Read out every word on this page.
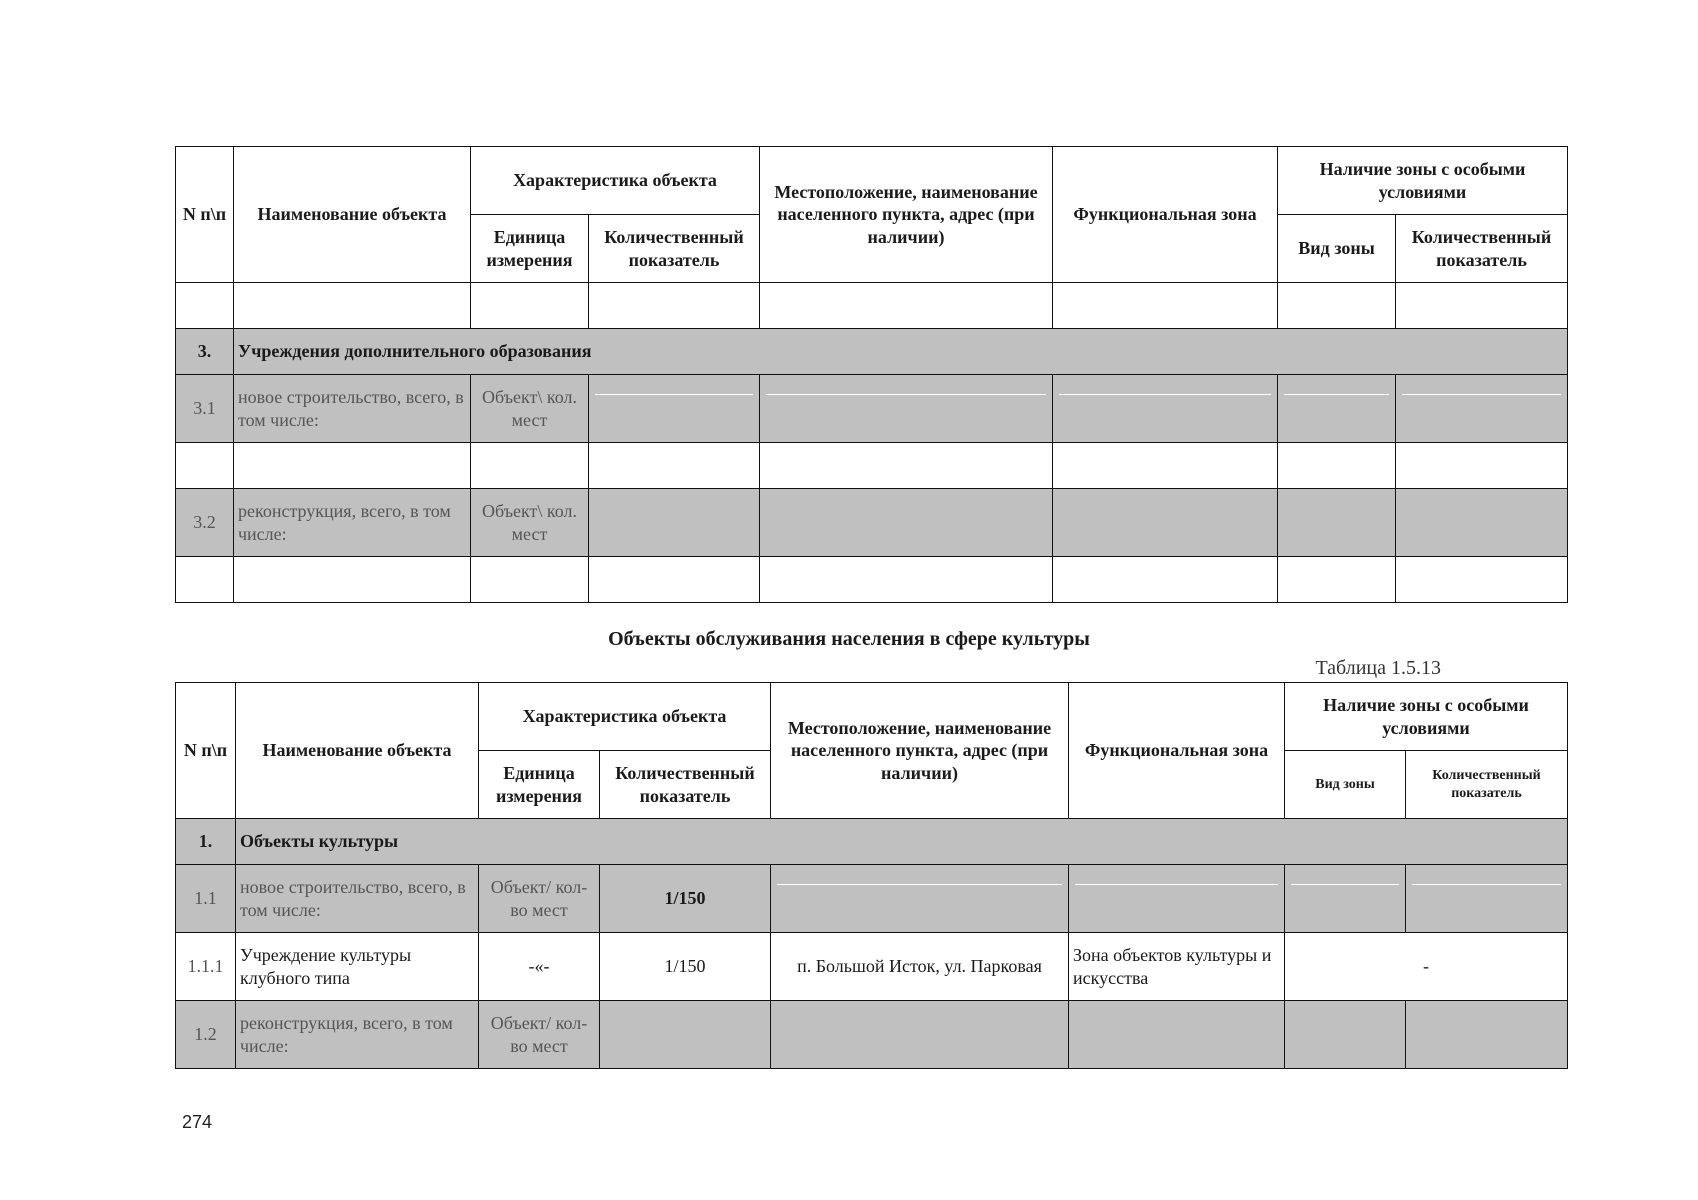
N п\п	Наименование объекта	Характеристика объекта		Местоположение, наименование населенного пункта, адрес (при наличии)	Функциональная зона	Наличие зоны с особыми условиями	
		Единица измерения	Количественный показатель			Вид зоны	Количественный показатель

3.	Учреждения дополнительного образования						
3.1	новое строительство, всего, в том числе:	Объект\ кол. мест	

3.2	реконструкция, всего, в том числе:	Объект\ кол. мест					

Объекты обслуживания населения в сфере культуры
Таблица 1.5.13
N п\п	Наименование объекта	Характеристика объекта		Местоположение, наименование населенного пункта, адрес (при наличии)	Функциональная зона	Наличие зоны с особыми условиями	
		Единица измерения	Количественный показатель			Вид зоны	Количественный показатель
1.	Объекты культуры						
1.1	новое строительство, всего, в том числе:	Объект/ кол-во мест	1/150	

1.1.1	Учреждение культуры клубного типа	-«-	1/150	п. Большой Исток, ул. Парковая	Зона объектов культуры и искусства	-	
1.2	реконструкция, всего, в том числе:	Объект/ кол-во мест					
274
